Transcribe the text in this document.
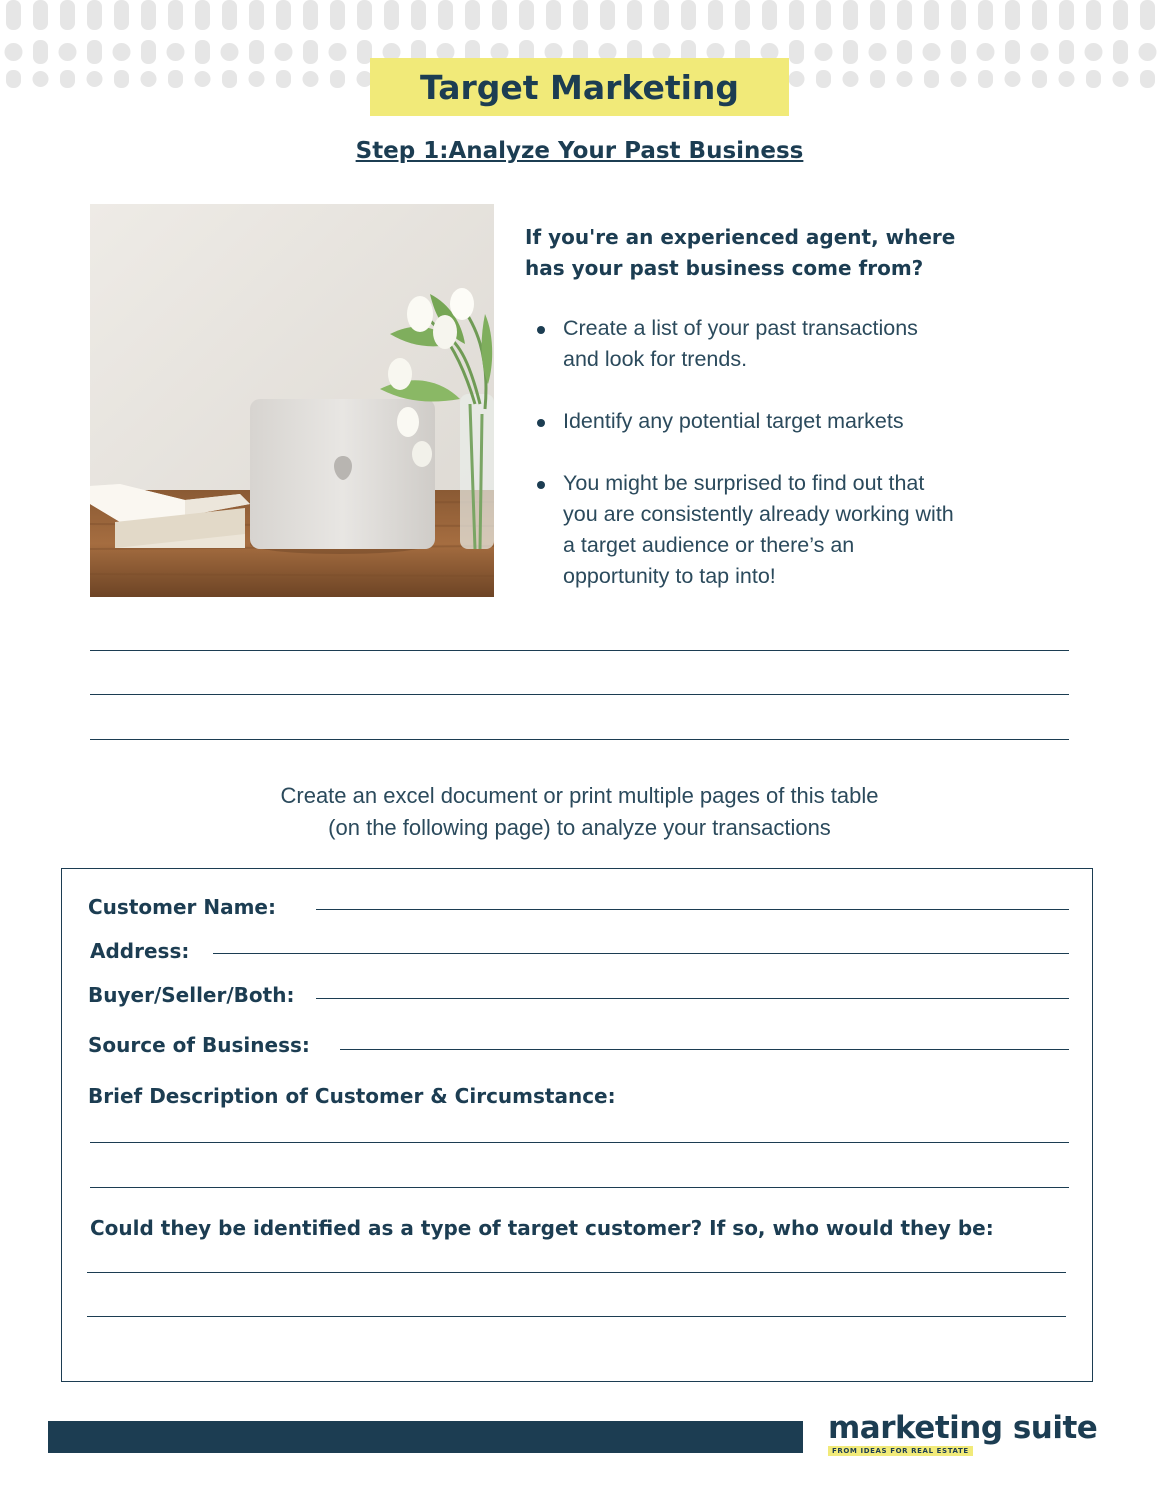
Target Marketing
Step 1:Analyze Your Past Business
If you're an experienced agent, where
has your past business come from?
Create a list of your past transactions
and look for trends.
Identify any potential target markets
You might be surprised to find out that
you are consistently already working with
a target audience or there’s an
opportunity to tap into!
Create an excel document or print multiple pages of this table
(on the following page) to analyze your transactions
Customer Name:
Address:
Buyer/Seller/Both:
Source of Business:
Brief Description of Customer & Circumstance:
Could they be identified as a type of target customer? If so, who would they be:
marketing suite
FROM IDEAS FOR REAL ESTATE
